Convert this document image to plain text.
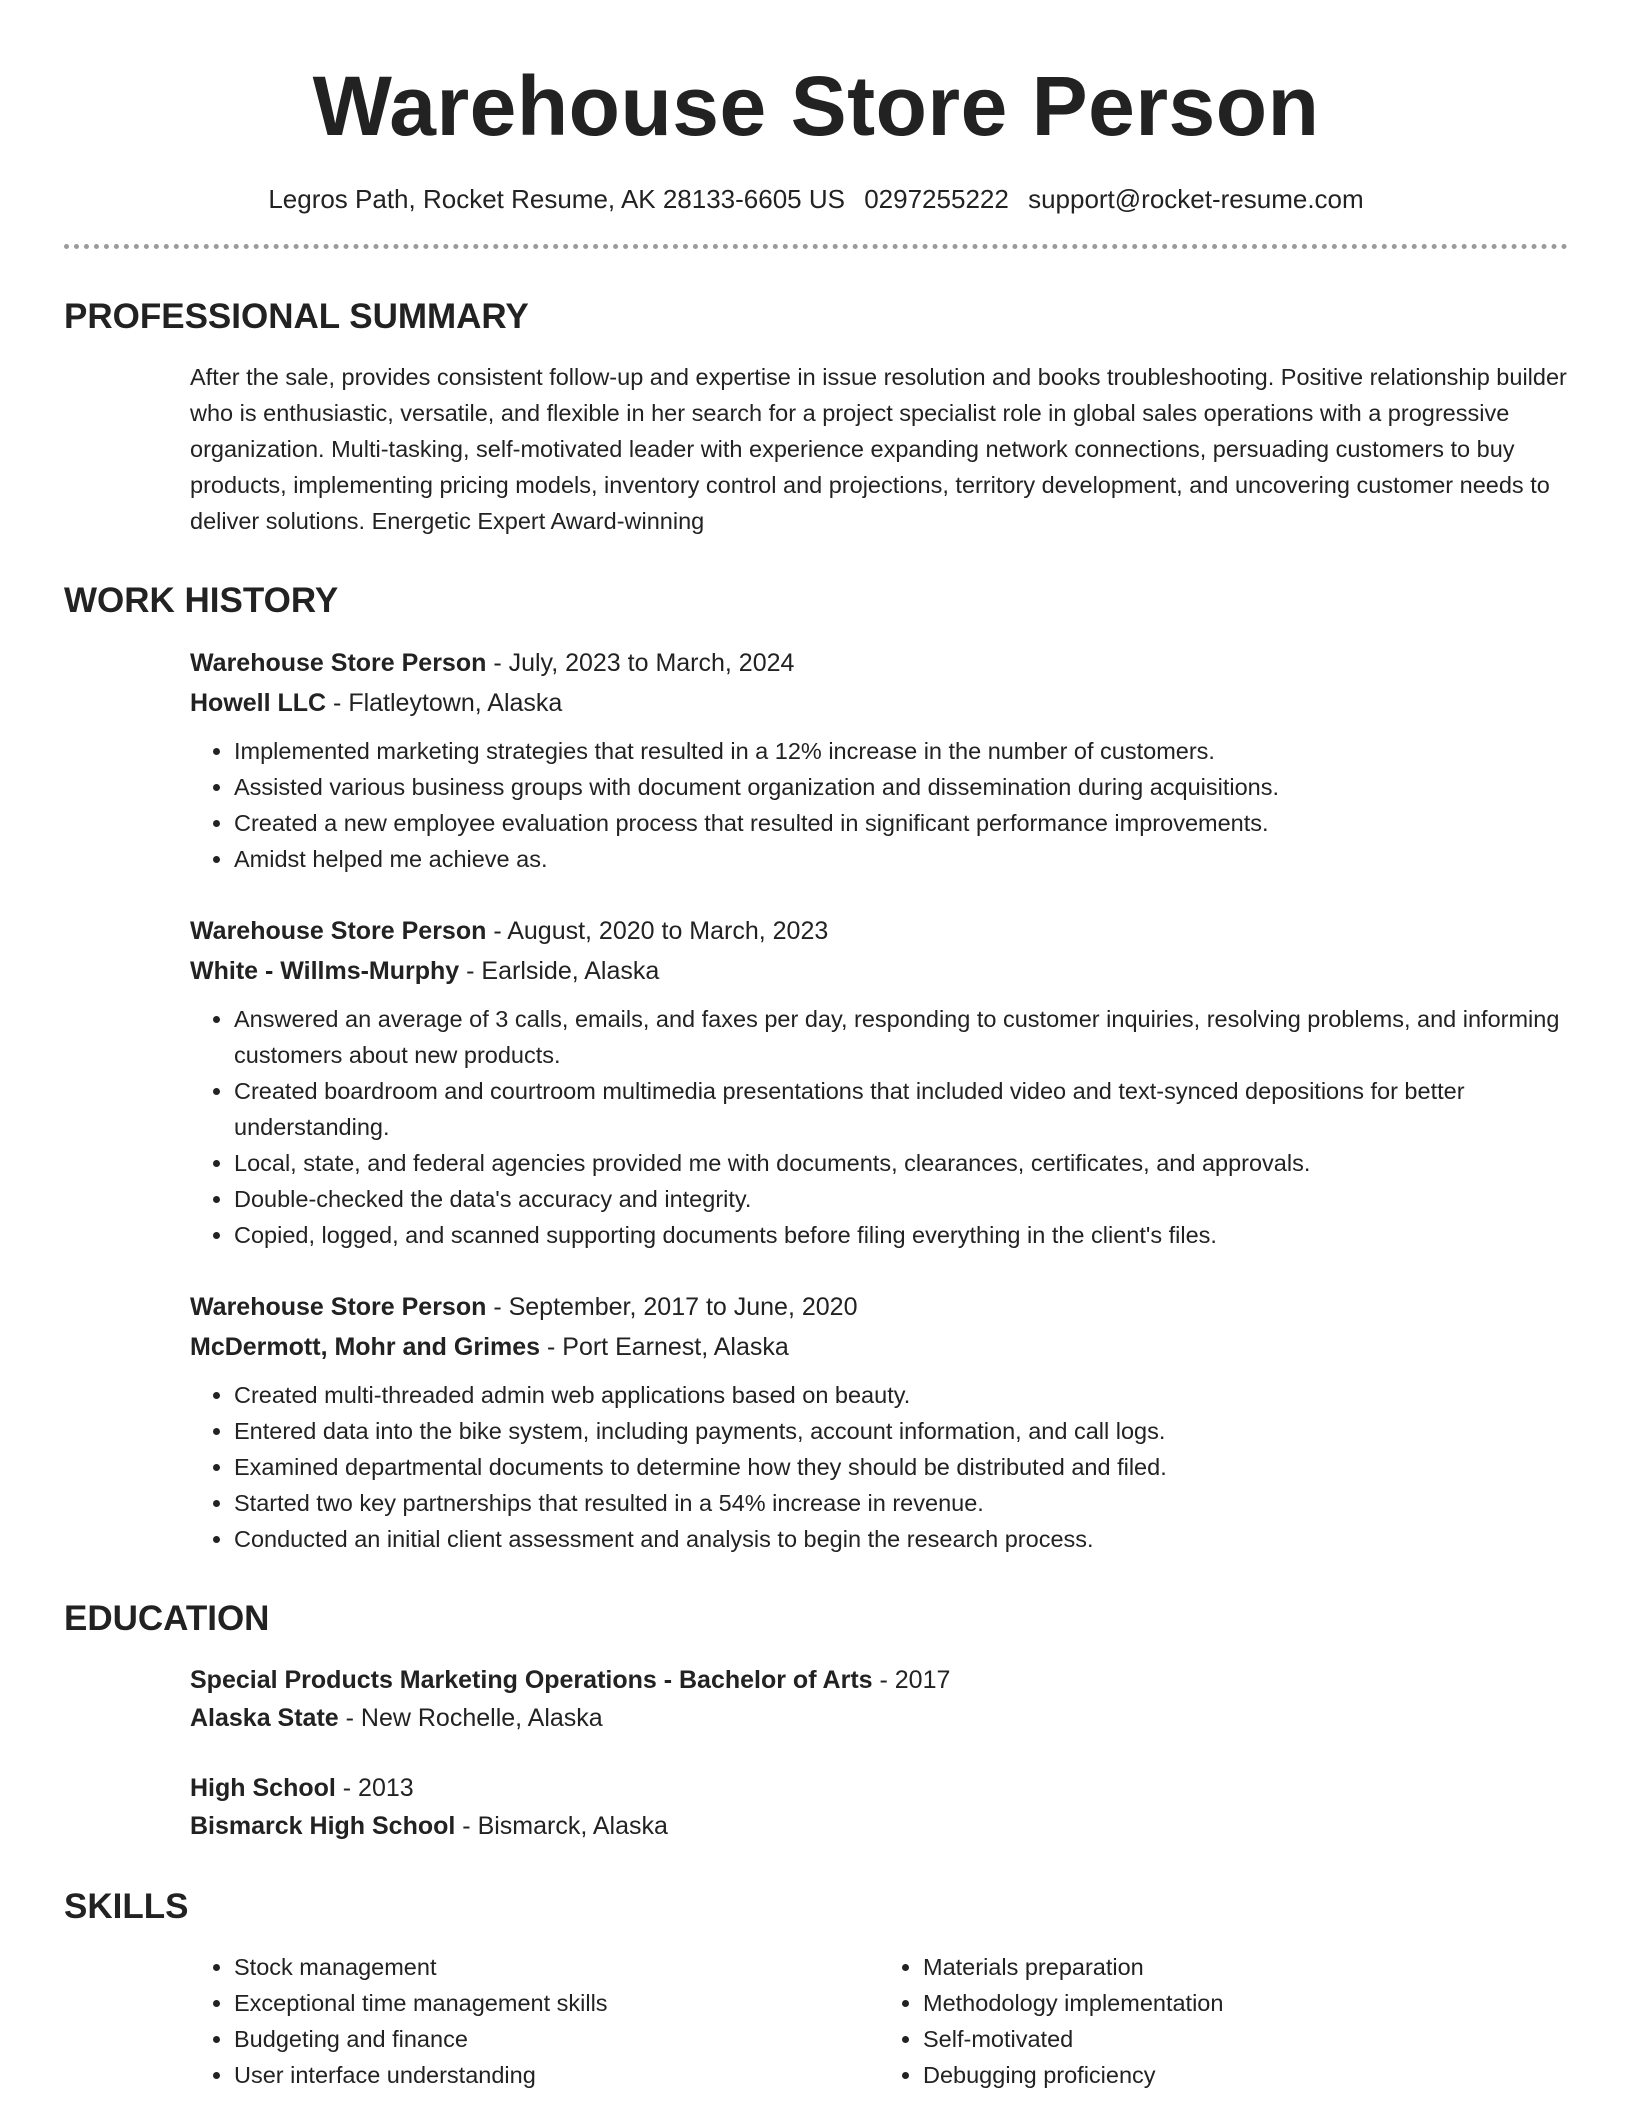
Warehouse Store Person
Legros Path, Rocket Resume, AK 28133-6605 US 0297255222 support@rocket-resume.com
PROFESSIONAL SUMMARY

After the sale, provides consistent follow-up and expertise in issue resolution and books troubleshooting. Positive relationship builder who is enthusiastic, versatile, and flexible in her search for a project specialist role in global sales operations with a progressive organization. Multi-tasking, self-motivated leader with experience expanding network connections, persuading customers to buy products, implementing pricing models, inventory control and projections, territory development, and uncovering customer needs to deliver solutions. Energetic Expert Award-winning

WORK HISTORY
Warehouse Store Person - July, 2023 to March, 2024
Howell LLC - Flatleytown, Alaska
• Implemented marketing strategies that resulted in a 12% increase in the number of customers.
• Assisted various business groups with document organization and dissemination during acquisitions.
• Created a new employee evaluation process that resulted in significant performance improvements.
• Amidst helped me achieve as.
Warehouse Store Person - August, 2020 to March, 2023
White - Willms-Murphy - Earlside, Alaska
• Answered an average of 3 calls, emails, and faxes per day, responding to customer inquiries, resolving problems, and informing customers about new products.
• Created boardroom and courtroom multimedia presentations that included video and text-synced depositions for better understanding.
• Local, state, and federal agencies provided me with documents, clearances, certificates, and approvals.
• Double-checked the data's accuracy and integrity.
• Copied, logged, and scanned supporting documents before filing everything in the client's files.
Warehouse Store Person - September, 2017 to June, 2020
McDermott, Mohr and Grimes - Port Earnest, Alaska
• Created multi-threaded admin web applications based on beauty.
• Entered data into the bike system, including payments, account information, and call logs.
• Examined departmental documents to determine how they should be distributed and filed.
• Started two key partnerships that resulted in a 54% increase in revenue.
• Conducted an initial client assessment and analysis to begin the research process.
EDUCATION
Special Products Marketing Operations - Bachelor of Arts - 2017
Alaska State - New Rochelle, Alaska
High School - 2013
Bismarck High School - Bismarck, Alaska
SKILLS
• Stock management
• Exceptional time management skills
• Budgeting and finance
• User interface understanding
• Materials preparation
• Methodology implementation
• Self-motivated
• Debugging proficiency
